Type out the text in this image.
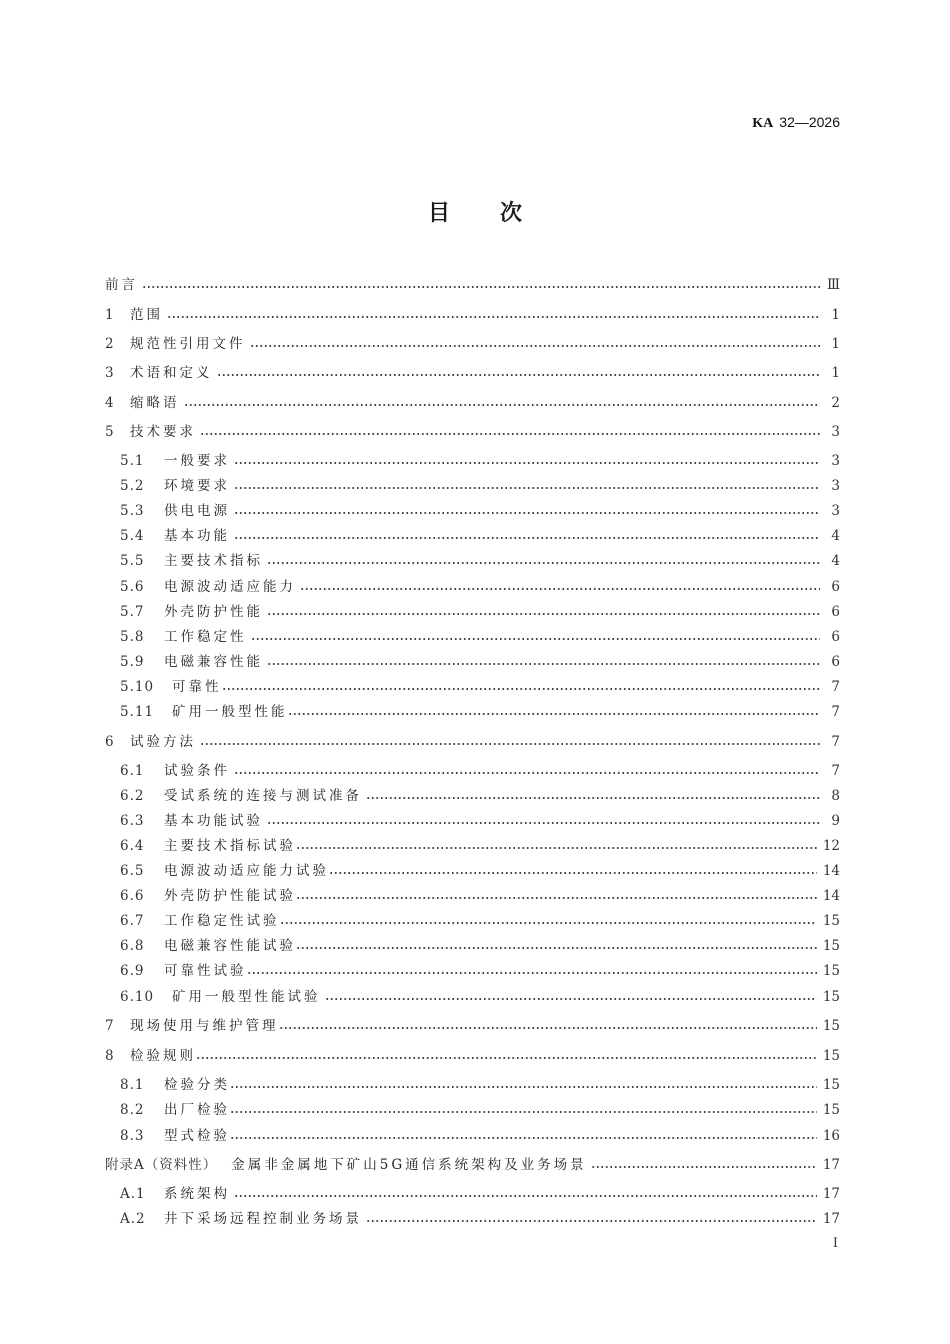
KA 32—2026
目次
前言	Ⅲ
1	范围	1
2	规范性引用文件	1
3	术语和定义	1
4	缩略语	2
5	技术要求	3
5.1	一般要求	3
5.2	环境要求	3
5.3	供电电源	3
5.4	基本功能	4
5.5	主要技术指标	4
5.6	电源波动适应能力	6
5.7	外壳防护性能	6
5.8	工作稳定性	6
5.9	电磁兼容性能	6
5.10	可靠性	7
5.11	矿用一般型性能	7
6	试验方法	7
6.1	试验条件	7
6.2	受试系统的连接与测试准备	8
6.3	基本功能试验	9
6.4	主要技术指标试验	12
6.5	电源波动适应能力试验	14
6.6	外壳防护性能试验	14
6.7	工作稳定性试验	15
6.8	电磁兼容性能试验	15
6.9	可靠性试验	15
6.10	矿用一般型性能试验	15
7	现场使用与维护管理	15
8	检验规则	15
8.1	检验分类	15
8.2	出厂检验	15
8.3	型式检验	16
附录A（资料性） 金属非金属地下矿山5G通信系统架构及业务场景	17
A.1	系统架构	17
A.2	井下采场远程控制业务场景	17
I
